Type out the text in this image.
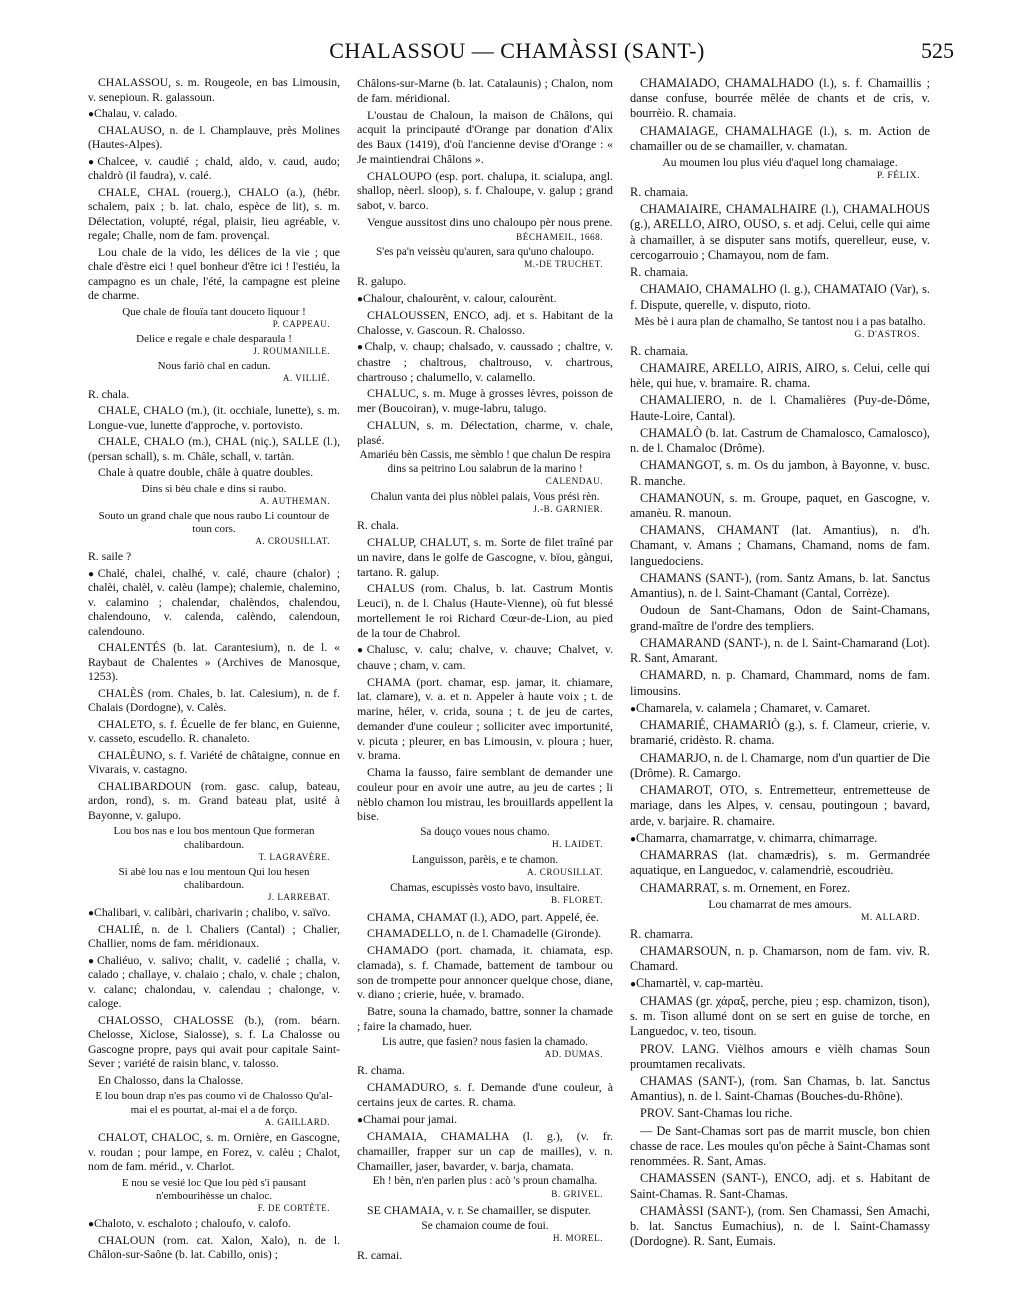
CHALASSOU — CHAMÀSSI (SANT-)	525
CHALASSOU, s. m. Rougeole, en bas Limousin, v. senepioun. R. galassoun.
● Chalau, v. calado.
CHALAUSO, n. de l. Champlauve, près Molines (Hautes-Alpes).
● Chalcee, v. caudié ; chald, aldo, v. caud, audo; chaldrò (il faudra), v. calé.
CHALE, CHAL (rouerg.), CHALO (a.), (hébr. schalem, paix ; b. lat. chalo, espèce de lit), s. m. Délectation, volupté, régal, plaisir, lieu agréable, v. regale; Challe, nom de fam. provençal.
Lou chale de la vido, les délices de la vie ; que chale d'èstre eici ! quel bonheur d'être ici ! l'estiéu, la campagno es un chale, l'été, la campagne est pleine de charme.
Que chale de flouïa tant douceto liquour !
P. CAPPEAU.
Delice e regale e chale desparaula !
J. ROUMANILLE.
Nous fariò chal en cadun.
A. VILLIÉ.
R. chala.
CHALE, CHALO (m.), (it. occhiale, lunette), s. m. Longue-vue, lunette d'approche, v. portovisto.
CHALE, CHALO (m.), CHAL (niç.), SALLE (l.), (persan schall), s. m. Châle, schall, v. tartàn.
Chale à quatre double, châle à quatre doubles.
Dins si bèu chale e dins si raubo.
A. AUTHEMAN.
Souto un grand chale que nous raubo Li countour de toun cors.
A. CROUSILLAT.
R. saile ?
● Chalé, chalei, chalhé, v. calé, chaure (chalor) ; chalèi, chalèl, v. calèu (lampe); chalemie, chalemino, v. calamino ; chalendar, chalèndos, chalendou, chalendouno, v. calenda, calèndo, calendoun, calendouno.
CHALENTÉS (b. lat. Carantesium), n. de l. « Raybaut de Chalentes » (Archives de Manosque, 1253).
CHALÈS (rom. Chales, b. lat. Calesium), n. de f. Chalais (Dordogne), v. Calès.
CHALETO, s. f. Écuelle de fer blanc, en Guienne, v. casseto, escudello. R. chanaleto.
CHALÈUNO, s. f. Variété de châtaigne, connue en Vivarais, v. castagno.
CHALIBARDOUN (rom. gasc. calup, bateau, ardon, rond), s. m. Grand bateau plat, usité à Bayonne, v. galupo.
Lou bos nas e lou bos mentoun Que formeran chalibardoun.
T. LAGRAVÈRE.
Si abè lou nas e lou mentoun Qui lou hesen chalibardoun.
J. LARREBAT.
● Chalibari, v. calibàri, charivarin ; chalibo, v. saïvo.
CHALIÉ, n. de l. Chaliers (Cantal) ; Chalier, Challier, noms de fam. méridionaux.
● Chaliéuo, v. salivo; chalit, v. cadelié ; challa, v. calado ; challaye, v. chalaio ; chalo, v. chale ; chalon, v. calanc; chalondau, v. calendau ; chalonge, v. caloge.
CHALOSSO, CHALOSSE (b.), (rom. béarn. Chelosse, Xiclose, Sialosse), s. f. La Chalosse ou Gascogne propre, pays qui avait pour capitale Saint-Sever ; variété de raisin blanc, v. talosso.
En Chalosso, dans la Chalosse.
E lou boun drap n'es pas coumo vi de Chalosso Qu'al-mai el es pourtat, al-mai el a de forço.
A. GAILLARD.
CHALOT, CHALOC, s. m. Ornière, en Gascogne, v. roudan ; pour lampe, en Forez, v. calèu ; Chalot, nom de fam. mérid., v. Charlot.
E nou se vesié loc Que lou pèd s'i pausant n'embourihèsse un chaloc.
F. DE CORTÈTE.
● Chaloto, v. eschaloto ; chaloufo, v. calofo.
CHALOUN (rom. cat. Xalon, Xalo), n. de l. Châlon-sur-Saône (b. lat. Cabillo, onis) ;
Châlons-sur-Marne (b. lat. Catalaunis) ; Chalon, nom de fam. méridional.
L'oustau de Chaloun, la maison de Châlons, qui acquit la principauté d'Orange par donation d'Alix des Baux (1419), d'où l'ancienne devise d'Orange : « Je maintiendrai Châlons ».
CHALOUPO (esp. port. chalupa, it. scialupa, angl. shallop, nèerl. sloop), s. f. Chaloupe, v. galup ; grand sabot, v. barco.
Vengue aussitost dins uno chaloupo pèr nous prene.
BÉCHAMEIL, 1668.
S'es pa'n veissèu qu'auren, sara qu'uno chaloupo.
M.-DE TRUCHET.
R. galupo.
● Chalour, chalourènt, v. calour, calourènt.
CHALOUSSEN, ENCO, adj. et s. Habitant de la Chalosse, v. Gascoun. R. Chalosso.
● Chalp, v. chaup; chalsado, v. caussado ; chaltre, v. chastre ; chaltrous, chaltrouso, v. chartrous, chartrouso ; chalumello, v. calamello.
CHALUC, s. m. Muge à grosses lèvres, poisson de mer (Boucoiran), v. muge-labru, talugo.
CHALUN, s. m. Délectation, charme, v. chale, plasé.
Amariéu bèn Cassis, me sèmblo ! que chalun De respira dins sa peitrino Lou salabrun de la marino !
CALENDAU.
Chalun vanta dei plus nòblei palais, Vous prési rèn.
J.-B. GARNIER.
R. chala.
CHALUP, CHALUT, s. m. Sorte de filet traîné par un navire, dans le golfe de Gascogne, v. bïou, gàngui, tartano. R. galup.
CHALUS (rom. Chalus, b. lat. Castrum Montis Leuci), n. de l. Chalus (Haute-Vienne), où fut blessé mortellement le roi Richard Cœur-de-Lion, au pied de la tour de Chabrol.
● Chalusc, v. calu; chalve, v. chauve; Chalvet, v. chauve ; cham, v. cam.
CHAMA (port. chamar, esp. jamar, it. chiamare, lat. clamare), v. a. et n. Appeler à haute voix ; t. de marine, héler, v. crida, souna ; t. de jeu de cartes, demander d'une couleur ; solliciter avec importunité, v. picuta ; pleurer, en bas Limousin, v. ploura ; huer, v. brama.
Chama la fausso, faire semblant de demander une couleur pour en avoir une autre, au jeu de cartes ; li nèblo chamon lou mistrau, les brouillards appellent la bise.
Sa douço voues nous chamo.
H. LAIDET.
Languisson, parèis, e te chamon.
A. CROUSILLAT.
Chamas, escupissès vosto bavo, insultaire.
B. FLORET.
CHAMA, CHAMAT (l.), ADO, part. Appelé, ée.
CHAMADELLO, n. de l. Chamadelle (Gironde).
CHAMADO (port. chamada, it. chiamata, esp. clamada), s. f. Chamade, battement de tambour ou son de trompette pour annoncer quelque chose, diane, v. diano ; crierie, huée, v. bramado.
Batre, souna la chamado, battre, sonner la chamade ; faire la chamado, huer.
Lis autre, que fasien? nous fasien la chamado.
AD. DUMAS.
R. chama.
CHAMADURO, s. f. Demande d'une couleur, à certains jeux de cartes. R. chama.
● Chamai pour jamai.
CHAMAIA, CHAMALHA (l. g.), (v. fr. chamailler, frapper sur un cap de mailles), v. n. Chamailler, jaser, bavarder, v. barja, chamata.
Eh ! bèn, n'en parlen plus : acò 's proun chamalha.
B. GRIVEL.
SE CHAMAIA, v. r. Se chamailler, se disputer.
Se chamaion coume de foui.
H. MOREL.
R. camai.
CHAMAIADO, CHAMALHADO (l.), s. f. Chamaillis ; danse confuse, bourrée mêlée de chants et de cris, v. bourrèio. R. chamaia.
CHAMAIAGE, CHAMALHAGE (l.), s. m. Action de chamailler ou de se chamailler, v. chamatan.
Au moumen lou plus viéu d'aquel long chamaiage.
P. FÉLIX.
R. chamaia.
CHAMAIAIRE, CHAMALHAIRE (l.), CHAMALHOUS (g.), ARELLO, AIRO, OUSO, s. et adj. Celui, celle qui aime à chamailler, à se disputer sans motifs, querelleur, euse, v. cercogarrouio ; Chamayou, nom de fam.
R. chamaia.
CHAMAIO, CHAMALHO (l. g.), CHAMATAIO (Var), s. f. Dispute, querelle, v. disputo, rioto.
Mès bè i aura plan de chamalho, Se tantost nou i a pas batalho.
G. D'ASTROS.
R. chamaia.
CHAMAIRE, ARELLO, AIRIS, AIRO, s. Celui, celle qui hèle, qui hue, v. bramaire. R. chama.
CHAMALIERO, n. de l. Chamalières (Puy-de-Dôme, Haute-Loire, Cantal).
CHAMALÒ (b. lat. Castrum de Chamalosco, Camalosco), n. de l. Chamaloc (Drôme).
CHAMANGOT, s. m. Os du jambon, à Bayonne, v. busc. R. manche.
CHAMANOUN, s. m. Groupe, paquet, en Gascogne, v. amanèu. R. manoun.
CHAMANS, CHAMANT (lat. Amantius), n. d'h. Chamant, v. Amans ; Chamans, Chamand, noms de fam. languedociens.
CHAMANS (SANT-), (rom. Santz Amans, b. lat. Sanctus Amantius), n. de l. Saint-Chamant (Cantal, Corrèze).
Oudoun de Sant-Chamans, Odon de Saint-Chamans, grand-maître de l'ordre des templiers.
CHAMARAND (SANT-), n. de l. Saint-Chamarand (Lot). R. Sant, Amarant.
CHAMARD, n. p. Chamard, Chammard, noms de fam. limousins.
● Chamarela, v. calamela ; Chamaret, v. Camaret.
CHAMARIÉ, CHAMARIÒ (g.), s. f. Clameur, crierie, v. bramarié, cridèsto. R. chama.
CHAMARJO, n. de l. Chamarge, nom d'un quartier de Die (Drôme). R. Camargo.
CHAMAROT, OTO, s. Entremetteur, entremetteuse de mariage, dans les Alpes, v. censau, poutingoun ; bavard, arde, v. barjaire. R. chamaire.
● Chamarra, chamarratge, v. chimarra, chimarrage.
CHAMARRAS (lat. chamædris), s. m. Germandrée aquatique, en Languedoc, v. calamendriè, escoudrièu.
CHAMARRAT, s. m. Ornement, en Forez.
Lou chamarrat de mes amours.
M. ALLARD.
R. chamarra.
CHAMARSOUN, n. p. Chamarson, nom de fam. viv. R. Chamard.
● Chamartèl, v. cap-martèu.
CHAMAS (gr. χάραξ, perche, pieu ; esp. chamizon, tison), s. m. Tison allumé dont on se sert en guise de torche, en Languedoc, v. teo, tisoun.
PROV. LANG. Vièlhos amours e vièlh chamas Soun proumtamen recalivats.
CHAMAS (SANT-), (rom. San Chamas, b. lat. Sanctus Amantius), n. de l. Saint-Chamas (Bouches-du-Rhône).
PROV. Sant-Chamas lou riche.
— De Sant-Chamas sort pas de marrit muscle, bon chien chasse de race. Les moules qu'on pêche à Saint-Chamas sont renommées. R. Sant, Amas.
CHAMASSEN (SANT-), ENCO, adj. et s. Habitant de Saint-Chamas. R. Sant-Chamas.
CHAMÀSSI (SANT-), (rom. Sen Chamassi, Sen Amachi, b. lat. Sanctus Eumachius), n. de l. Saint-Chamassy (Dordogne). R. Sant, Eumais.
